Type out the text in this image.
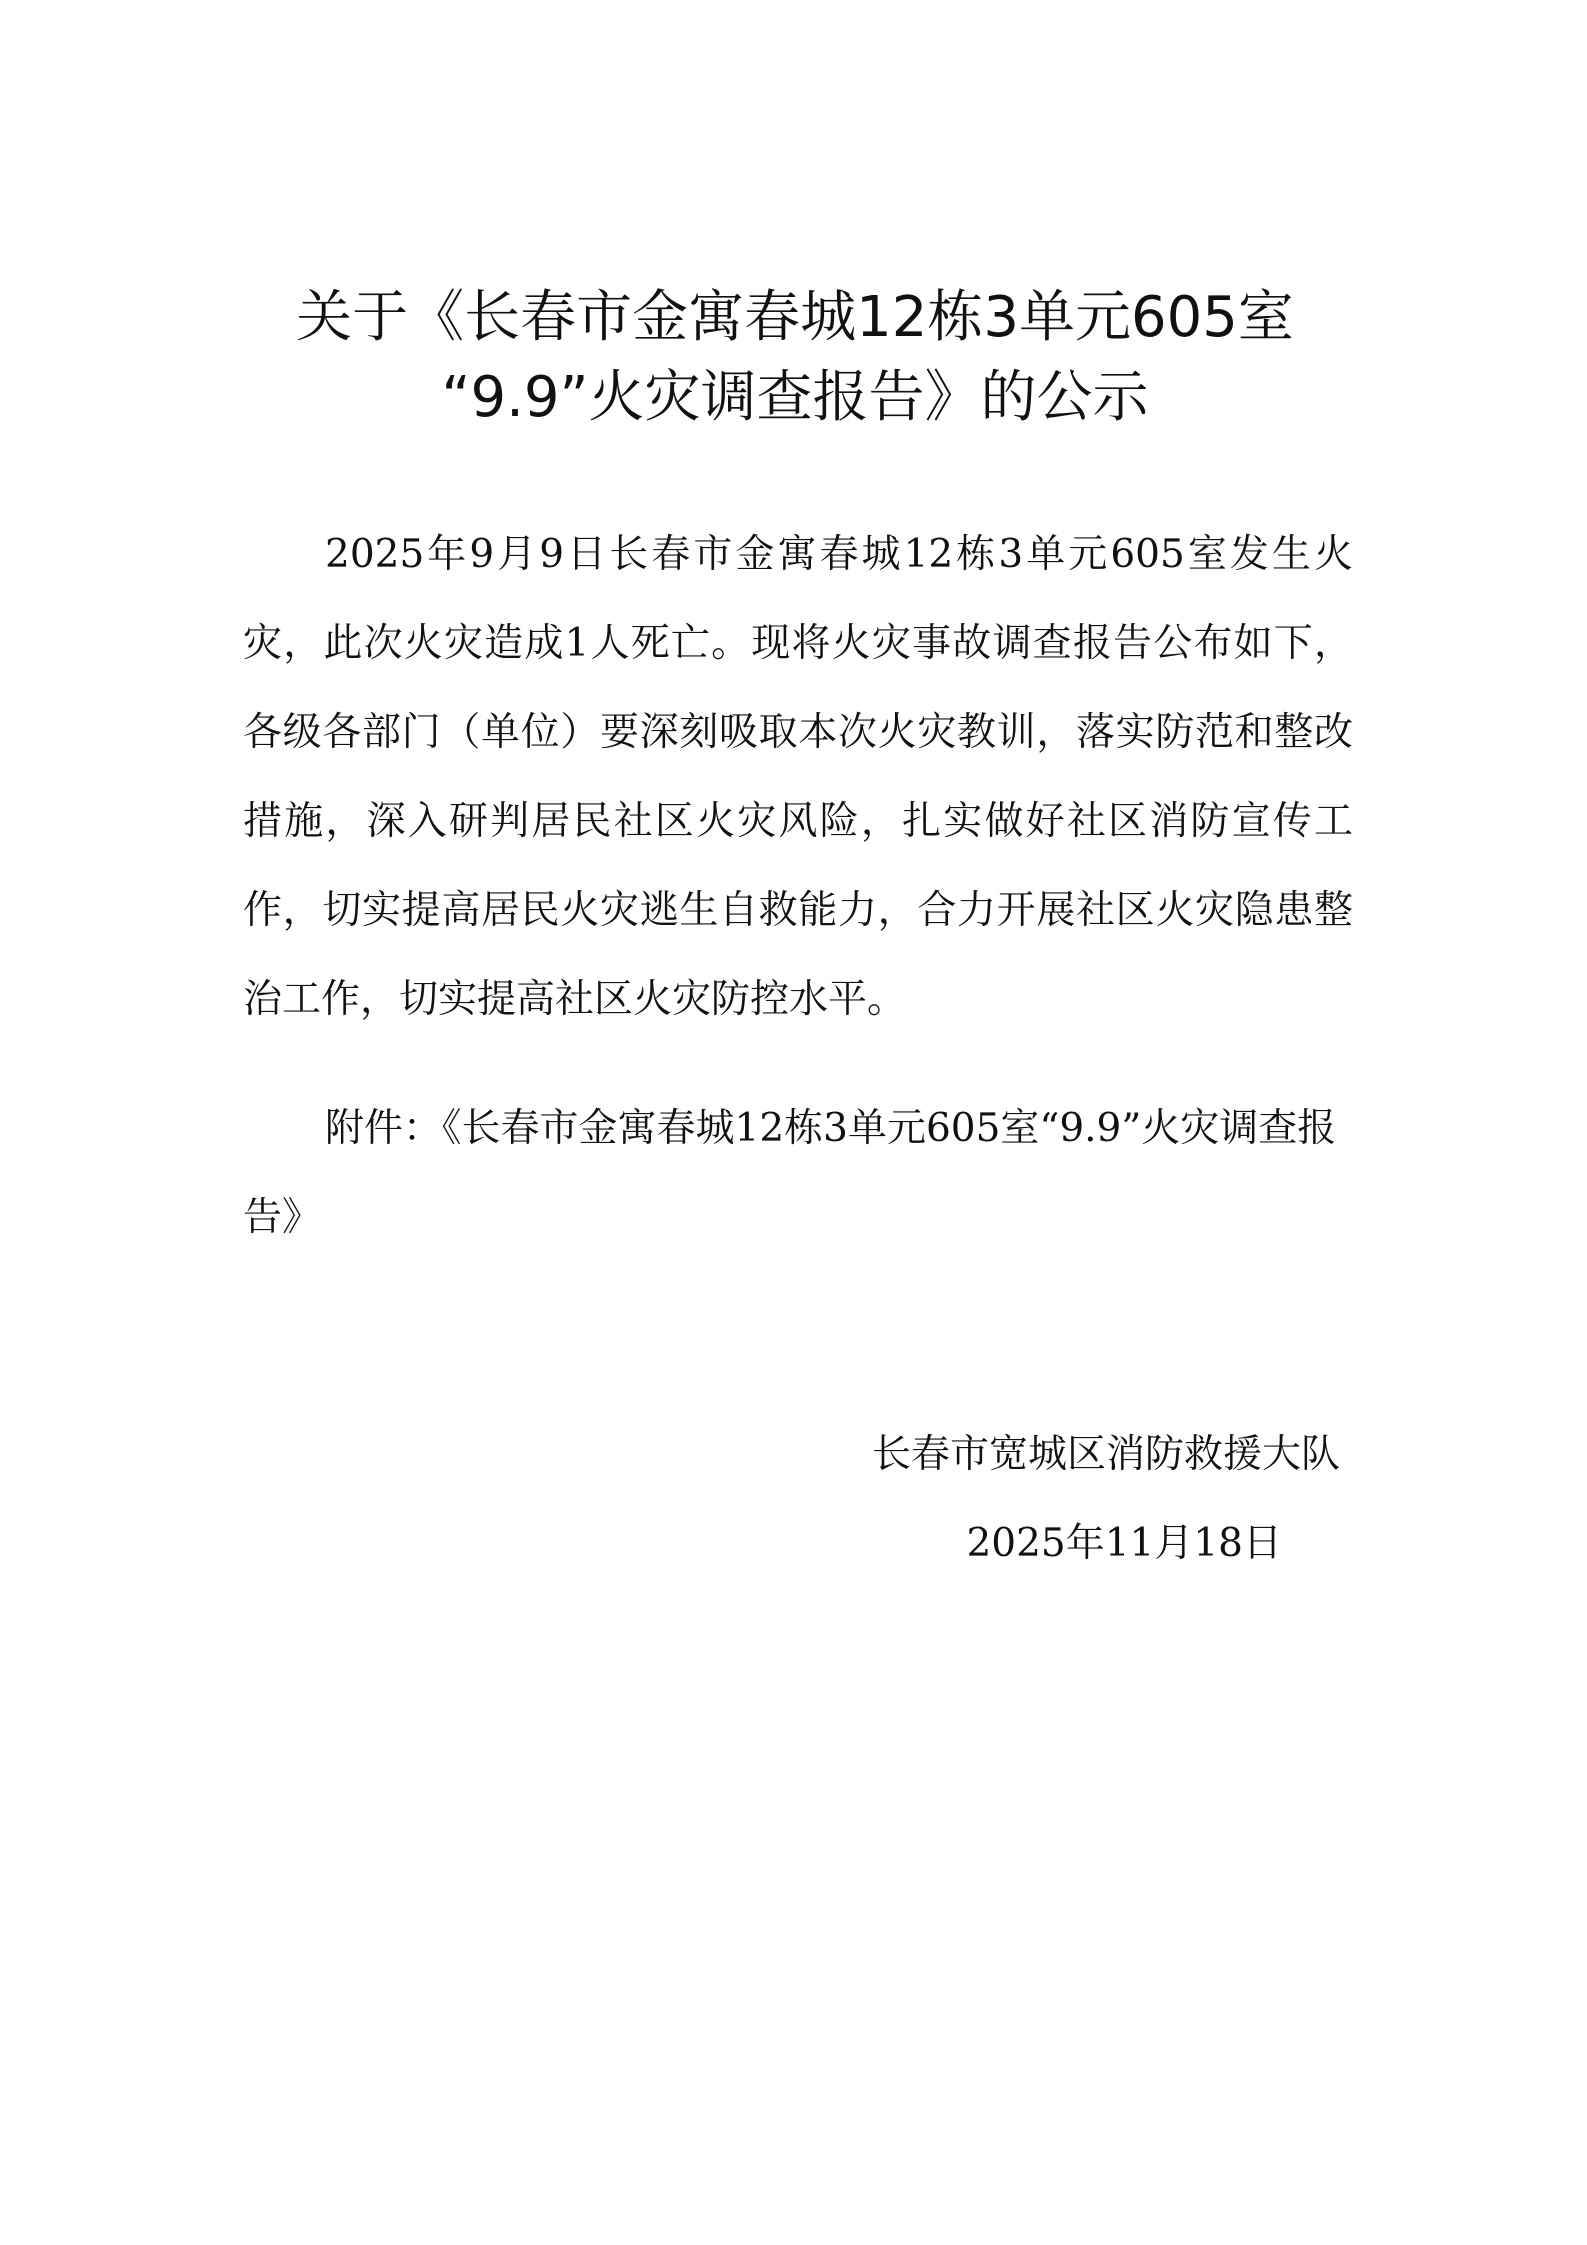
关于《长春市金寓春城12栋3单元605室
“9.9”火灾调查报告》的公示

2025年9月9日长春市金寓春城12栋3单元605室发生火灾，此次火灾造成1人死亡。现将火灾事故调查报告公布如下，各级各部门（单位）要深刻吸取本次火灾教训，落实防范和整改措施，深入研判居民社区火灾风险，扎实做好社区消防宣传工作，切实提高居民火灾逃生自救能力，合力开展社区火灾隐患整治工作，切实提高社区火灾防控水平。

附件：《长春市金寓春城12栋3单元605室“9.9”火灾调查报告》

长春市宽城区消防救援大队
2025年11月18日
